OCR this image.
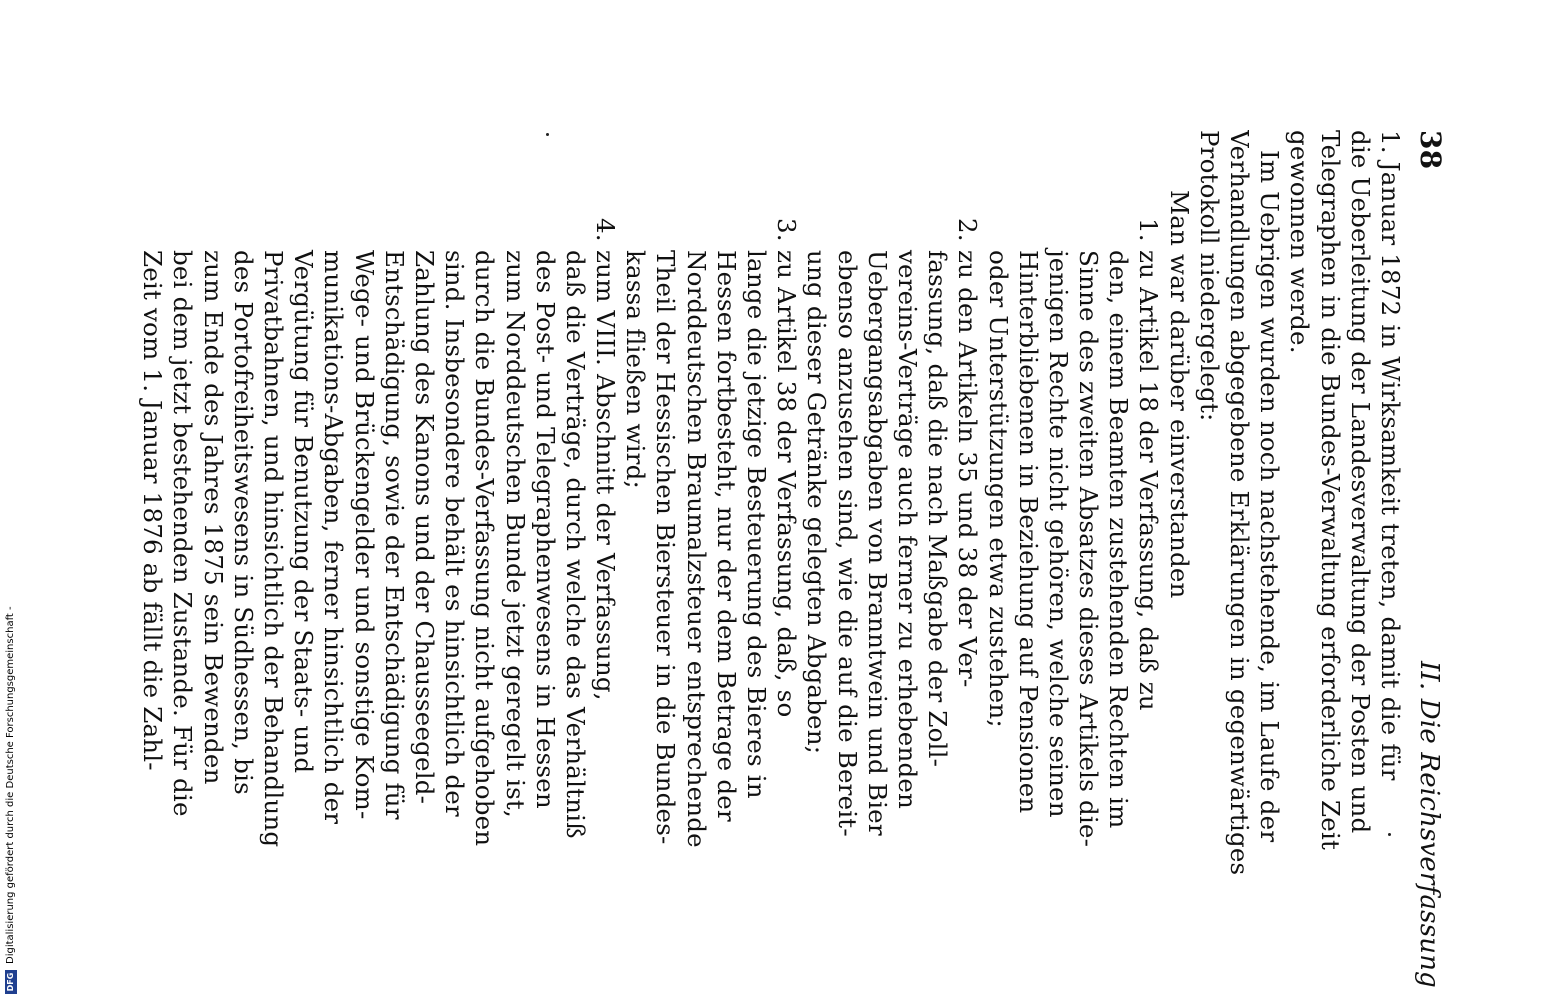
38
II. Die Reichsverfassung
1. Januar 1872 in Wirksamkeit treten, damit die für
die Ueberleitung der Landesverwaltung der Posten und
Telegraphen in die Bundes-Verwaltung erforderliche Zeit
gewonnen werde.
Im Uebrigen wurden noch nachstehende, im Laufe der
Verhandlungen abgegebene Erklärungen in gegenwärtiges
Protokoll niedergelegt:
Man war darüber einverstanden
1.
zu Artikel 18 der Verfassung, daß zu
den, einem Beamten zustehenden Rechten im
Sinne des zweiten Absatzes dieses Artikels die-
jenigen Rechte nicht gehören, welche seinen
Hinterbliebenen in Beziehung auf Pensionen
oder Unterstützungen etwa zustehen;
2.
zu den Artikeln 35 und 38 der Ver-
fassung, daß die nach Maßgabe der Zoll-
vereins-Verträge auch ferner zu erhebenden
Uebergangsabgaben von Branntwein und Bier
ebenso anzusehen sind, wie die auf die Bereit-
ung dieser Getränke gelegten Abgaben;
3.
zu Artikel 38 der Verfassung, daß, so
lange die jetzige Besteuerung des Bieres in
Hessen fortbesteht, nur der dem Betrage der
Norddeutschen Braumalzsteuer entsprechende
Theil der Hessischen Biersteuer in die Bundes-
kassa fließen wird;
4.
zum VIII. Abschnitt der Verfassung,
daß die Verträge, durch welche das Verhältniß
des Post- und Telegraphenwesens in Hessen
zum Norddeutschen Bunde jetzt geregelt ist,
durch die Bundes-Verfassung nicht aufgehoben
sind. Insbesondere behält es hinsichtlich der
Zahlung des Kanons und der Chausseegeld-
Entschädigung, sowie der Entschädigung für
Wege- und Brückengelder und sonstige Kom-
munikations-Abgaben, ferner hinsichtlich der
Vergütung für Benutzung der Staats- und
Privatbahnen, und hinsichtlich der Behandlung
des Portofreiheitswesens in Südhessen, bis
zum Ende des Jahres 1875 sein Bewenden
bei dem jetzt bestehenden Zustande. Für die
Zeit vom 1. Januar 1876 ab fällt die Zahl-
DFG
Digitalisierung gefördert durch die Deutsche Forschungsgemeinschaft -
